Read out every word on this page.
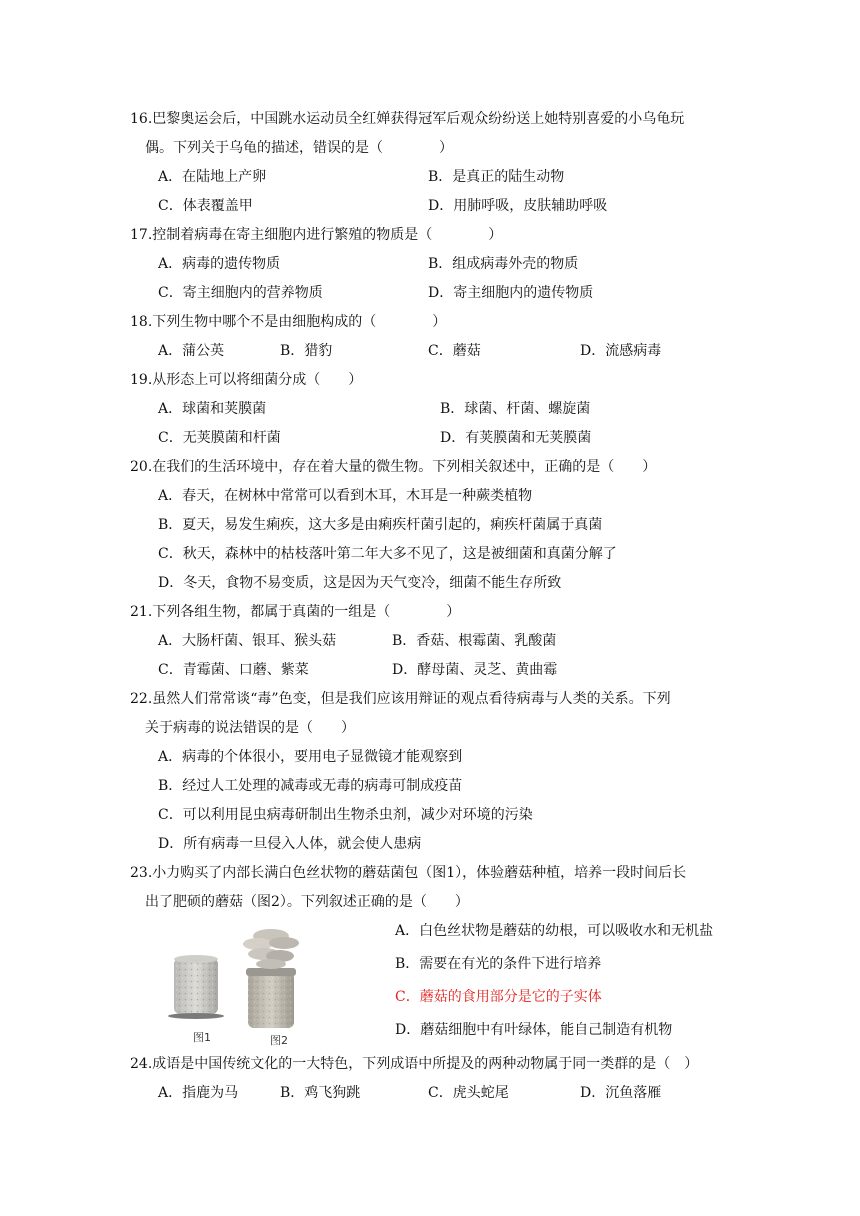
16.巴黎奥运会后，中国跳水运动员全红婵获得冠军后观众纷纷送上她特别喜爱的小乌龟玩
偶。下列关于乌龟的描述，错误的是（　　　　）
A．在陆地上产卵	B．是真正的陆生动物
C．体表覆盖甲	D．用肺呼吸，皮肤辅助呼吸
17.控制着病毒在寄主细胞内进行繁殖的物质是（　　　　）
A．病毒的遗传物质	B．组成病毒外壳的物质
C．寄主细胞内的营养物质	D．寄主细胞内的遗传物质
18.下列生物中哪个不是由细胞构成的（　　　　）
A．蒲公英	B．猎豹	C．蘑菇	D．流感病毒
19.从形态上可以将细菌分成（　　）
A．球菌和荚膜菌	B．球菌、杆菌、螺旋菌
C．无荚膜菌和杆菌	D．有荚膜菌和无荚膜菌
20.在我们的生活环境中，存在着大量的微生物。下列相关叙述中，正确的是（　　）
A．春天，在树林中常常可以看到木耳，木耳是一种蕨类植物
B．夏天，易发生痢疾，这大多是由痢疾杆菌引起的，痢疾杆菌属于真菌
C．秋天，森林中的枯枝落叶第二年大多不见了，这是被细菌和真菌分解了
D．冬天，食物不易变质，这是因为天气变冷，细菌不能生存所致
21.下列各组生物，都属于真菌的一组是（　　　　）
A．大肠杆菌、银耳、猴头菇	B．香菇、根霉菌、乳酸菌
C．青霉菌、口蘑、紫菜	D．酵母菌、灵芝、黄曲霉
22.虽然人们常常谈“毒”色变，但是我们应该用辩证的观点看待病毒与人类的关系。下列
关于病毒的说法错误的是（　　）
A．病毒的个体很小，要用电子显微镜才能观察到
B．经过人工处理的减毒或无毒的病毒可制成疫苗
C．可以利用昆虫病毒研制出生物杀虫剂，减少对环境的污染
D．所有病毒一旦侵入人体，就会使人患病
23.小力购买了内部长满白色丝状物的蘑菇菌包（图1），体验蘑菇种植，培养一段时间后长
出了肥硕的蘑菇（图2）。下列叙述正确的是（　　）
A．白色丝状物是蘑菇的幼根，可以吸收水和无机盐
B．需要在有光的条件下进行培养
C．蘑菇的食用部分是它的子实体
D．蘑菇细胞中有叶绿体，能自己制造有机物
图1	图2
24.成语是中国传统文化的一大特色，下列成语中所提及的两种动物属于同一类群的是（　）
A．指鹿为马	B．鸡飞狗跳	C．虎头蛇尾	D．沉鱼落雁
